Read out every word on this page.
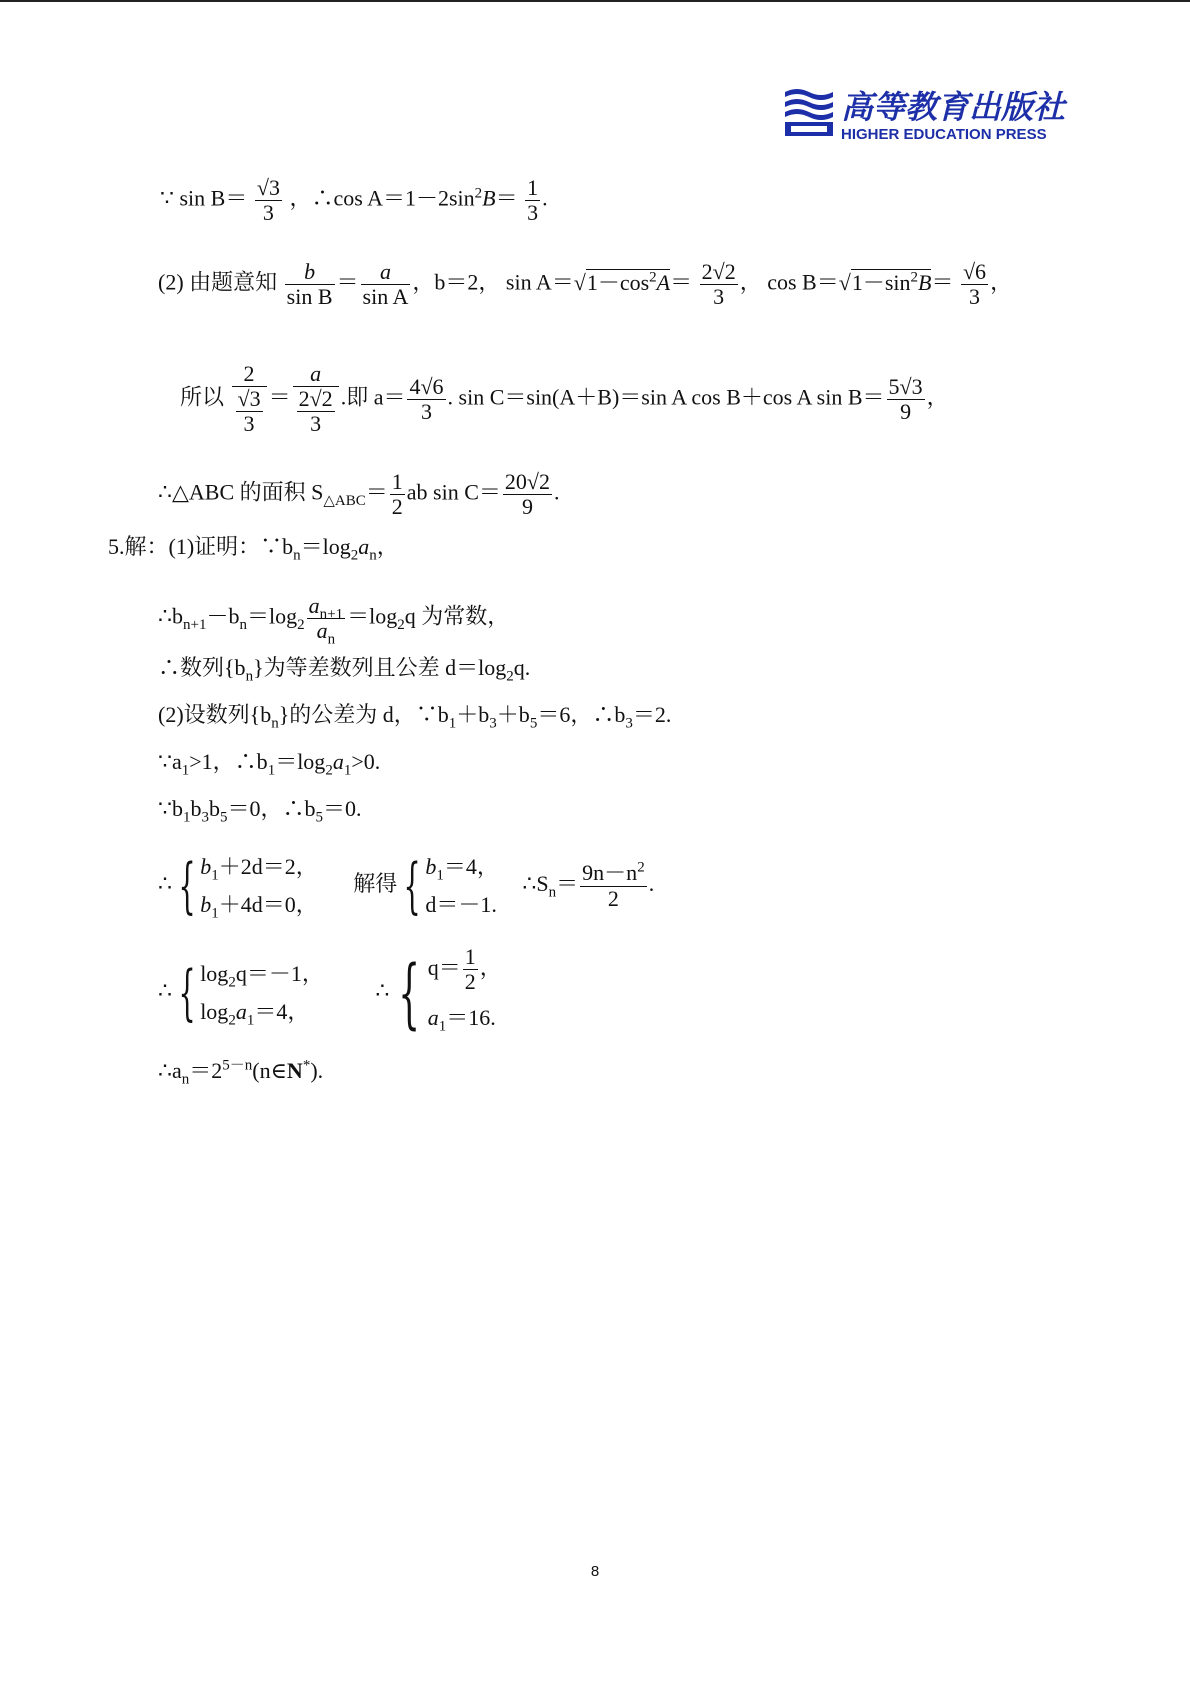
高等教育出版社
HIGHER EDUCATION PRESS
∵ $\sin B= \frac{√3}{3}$ ，∴cos $A=1-2\sin^2B= \frac{1}{3}$ .
(2) 由题意知 $\frac{b}{\text{sin B}} = \frac{a}{\text{sin A}}$ ，b＝2， $\sin A=√1-\cos^2A= \frac{2√2}{3}$ ， $\cos B=√1-\sin^2B= \frac{√6}{3}$ ，
所以 $\frac{2}{\frac{√3}{3}} = \frac{a}{\frac{2√2}{3}}$ .即 $a= \frac{4√6}{3}$ . sin C＝sin(A＋B)＝sin A cos B＋cos A $\sin B= \frac{5√3}{9}$ ，
∴△ABC 的面积 $S_{\triangle ABC}= \frac{1}{2}$ ab $\sin C= \frac{20√2}{9}$ .
5.解：(1)证明：$\because b_n=\log_2a_n$，
$\therefore b_{n+1}-b_n=\log_2 \frac{a_{n+1}}{a_n} =\log_2q$ 为常数，
∴数列$\{b_n\}$为等差数列且公差 $d=\log_2q$.
(2)设数列$\{b_n\}$的公差为 d，$\because b_1+b_3+b_5=6$，$\therefore b_3=2$.
$\because a_1>1$，$\therefore b_1=\log_2a_1>0$.
$\because b_1b_3b_5=0$，$\therefore b_5=0$.
∴ { $b_1+2d=2$，
$b_1+4d=0$，
解得 { $b_1=4$，
d＝－1.
$\therefore S_n= \frac{9n-n^2}{2}$ .
∴ { $\log_2q=-1$，
$\log_2a_1=4$，
∴ { $q= \frac{1}{2}$ ，
$a_1=16$.
$\therefore a_n=2^{5-n}(n\in N^*)$.
8
